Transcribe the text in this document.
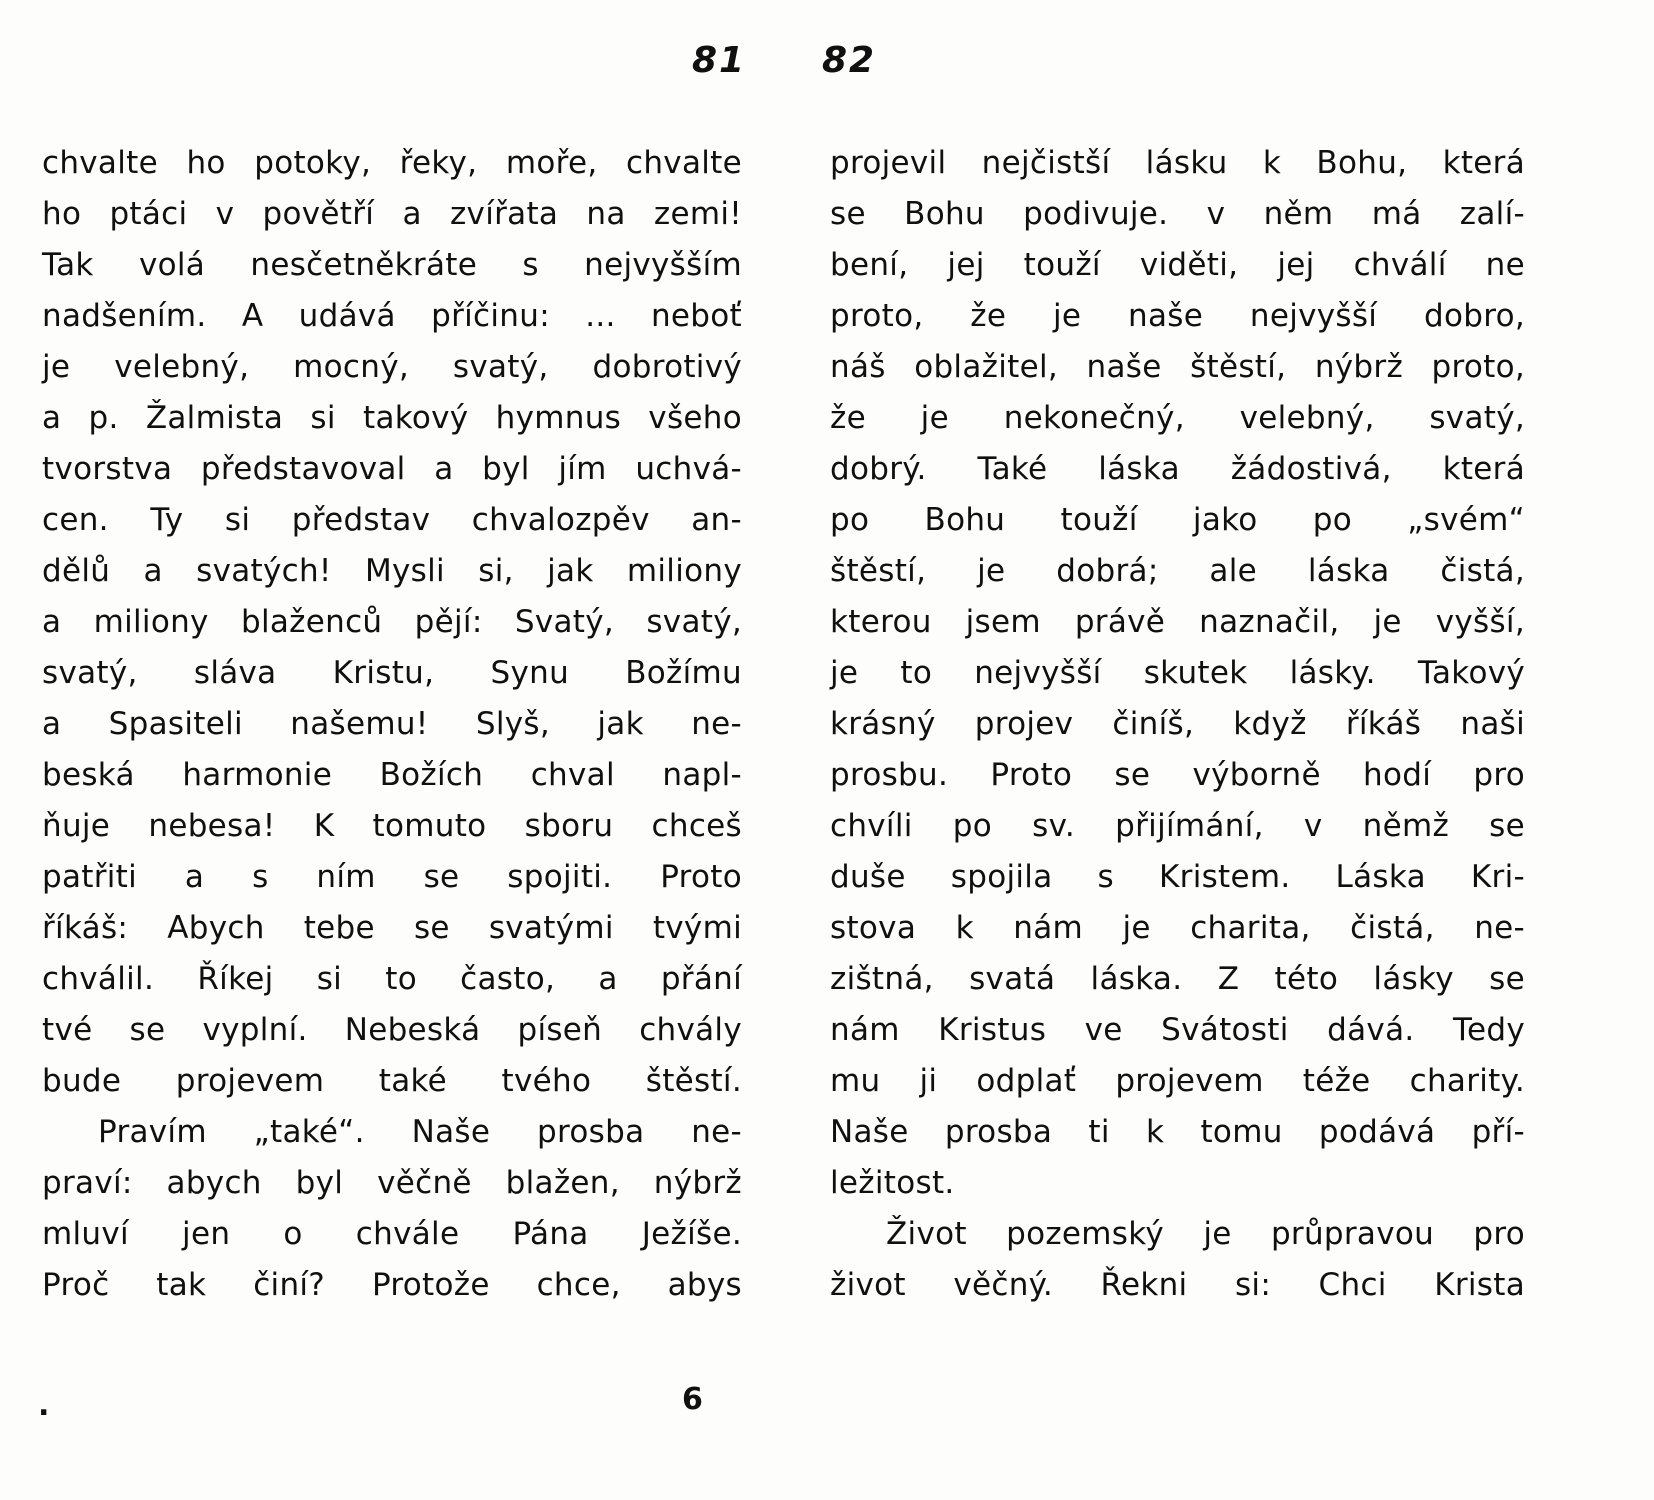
81 82
chvalte ho potoky, řeky, moře, chvalte
ho ptáci v povětří a zvířata na zemi!
Tak volá nesčetněkráte s nejvyšším
nadšením. A udává příčinu: ... neboť
je velebný, mocný, svatý, dobrotivý
a p. Žalmista si takový hymnus všeho
tvorstva představoval a byl jím uchvá-
cen. Ty si představ chvalozpěv an-
dělů a svatých! Mysli si, jak miliony
a miliony blaženců pějí: Svatý, svatý,
svatý, sláva Kristu, Synu Božímu
a Spasiteli našemu! Slyš, jak ne-
beská harmonie Božích chval napl-
ňuje nebesa! K tomuto sboru chceš
patřiti a s ním se spojiti. Proto
říkáš: Abych tebe se svatými tvými
chválil. Říkej si to často, a přání
tvé se vyplní. Nebeská píseň chvály
bude projevem také tvého štěstí.
Pravím „také“. Naše prosba ne-
praví: abych byl věčně blažen, nýbrž
mluví jen o chvále Pána Ježíše.
Proč tak činí? Protože chce, abys
projevil nejčistší lásku k Bohu, která
se Bohu podivuje. v něm má zalí-
bení, jej touží viděti, jej chválí ne
proto, že je naše nejvyšší dobro,
náš oblažitel, naše štěstí, nýbrž proto,
že je nekonečný, velebný, svatý,
dobrý. Také láska žádostivá, která
po Bohu touží jako po „svém“
štěstí, je dobrá; ale láska čistá,
kterou jsem právě naznačil, je vyšší,
je to nejvyšší skutek lásky. Takový
krásný projev činíš, když říkáš naši
prosbu. Proto se výborně hodí pro
chvíli po sv. přijímání, v němž se
duše spojila s Kristem. Láska Kri-
stova k nám je charita, čistá, ne-
zištná, svatá láska. Z této lásky se
nám Kristus ve Svátosti dává. Tedy
mu ji odplať projevem téže charity.
Naše prosba ti k tomu podává pří-
ležitost.
Život pozemský je průpravou pro
život věčný. Řekni si: Chci Krista
.	6
